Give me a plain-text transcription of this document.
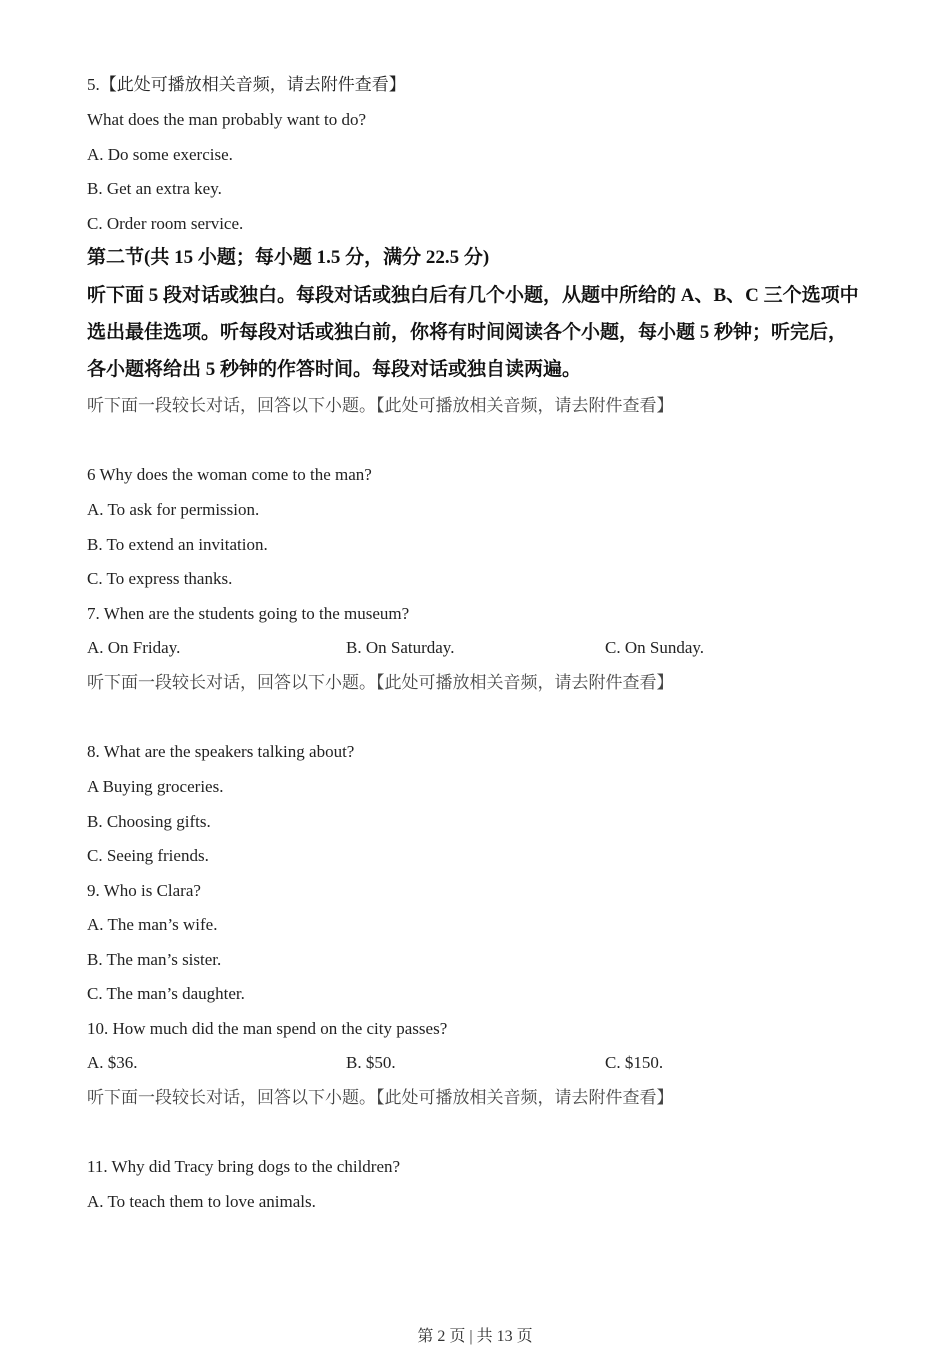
5.【此处可播放相关音频，请去附件查看】
What does the man probably want to do?
A. Do some exercise.
B. Get an extra key.
C. Order room service.
第二节(共 15 小题；每小题 1.5 分，满分 22.5 分)
听下面 5 段对话或独白。每段对话或独白后有几个小题，从题中所给的 A、B、C 三个选项中
选出最佳选项。听每段对话或独白前，你将有时间阅读各个小题，每小题 5 秒钟；听完后，
各小题将给出 5 秒钟的作答时间。每段对话或独自读两遍。
听下面一段较长对话，回答以下小题。【此处可播放相关音频，请去附件查看】
6 Why does the woman come to the man?
A. To ask for permission.
B. To extend an invitation.
C. To express thanks.
7. When are the students going to the museum?
A. On Friday.	B. On Saturday.	C. On Sunday.
听下面一段较长对话，回答以下小题。【此处可播放相关音频，请去附件查看】
8. What are the speakers talking about?
A Buying groceries.
B. Choosing gifts.
C. Seeing friends.
9. Who is Clara?
A. The man’s wife.
B. The man’s sister.
C. The man’s daughter.
10. How much did the man spend on the city passes?
A. $36.	B. $50.	C. $150.
听下面一段较长对话，回答以下小题。【此处可播放相关音频，请去附件查看】
11. Why did Tracy bring dogs to the children?
A. To teach them to love animals.
第 2 页 | 共 13 页
